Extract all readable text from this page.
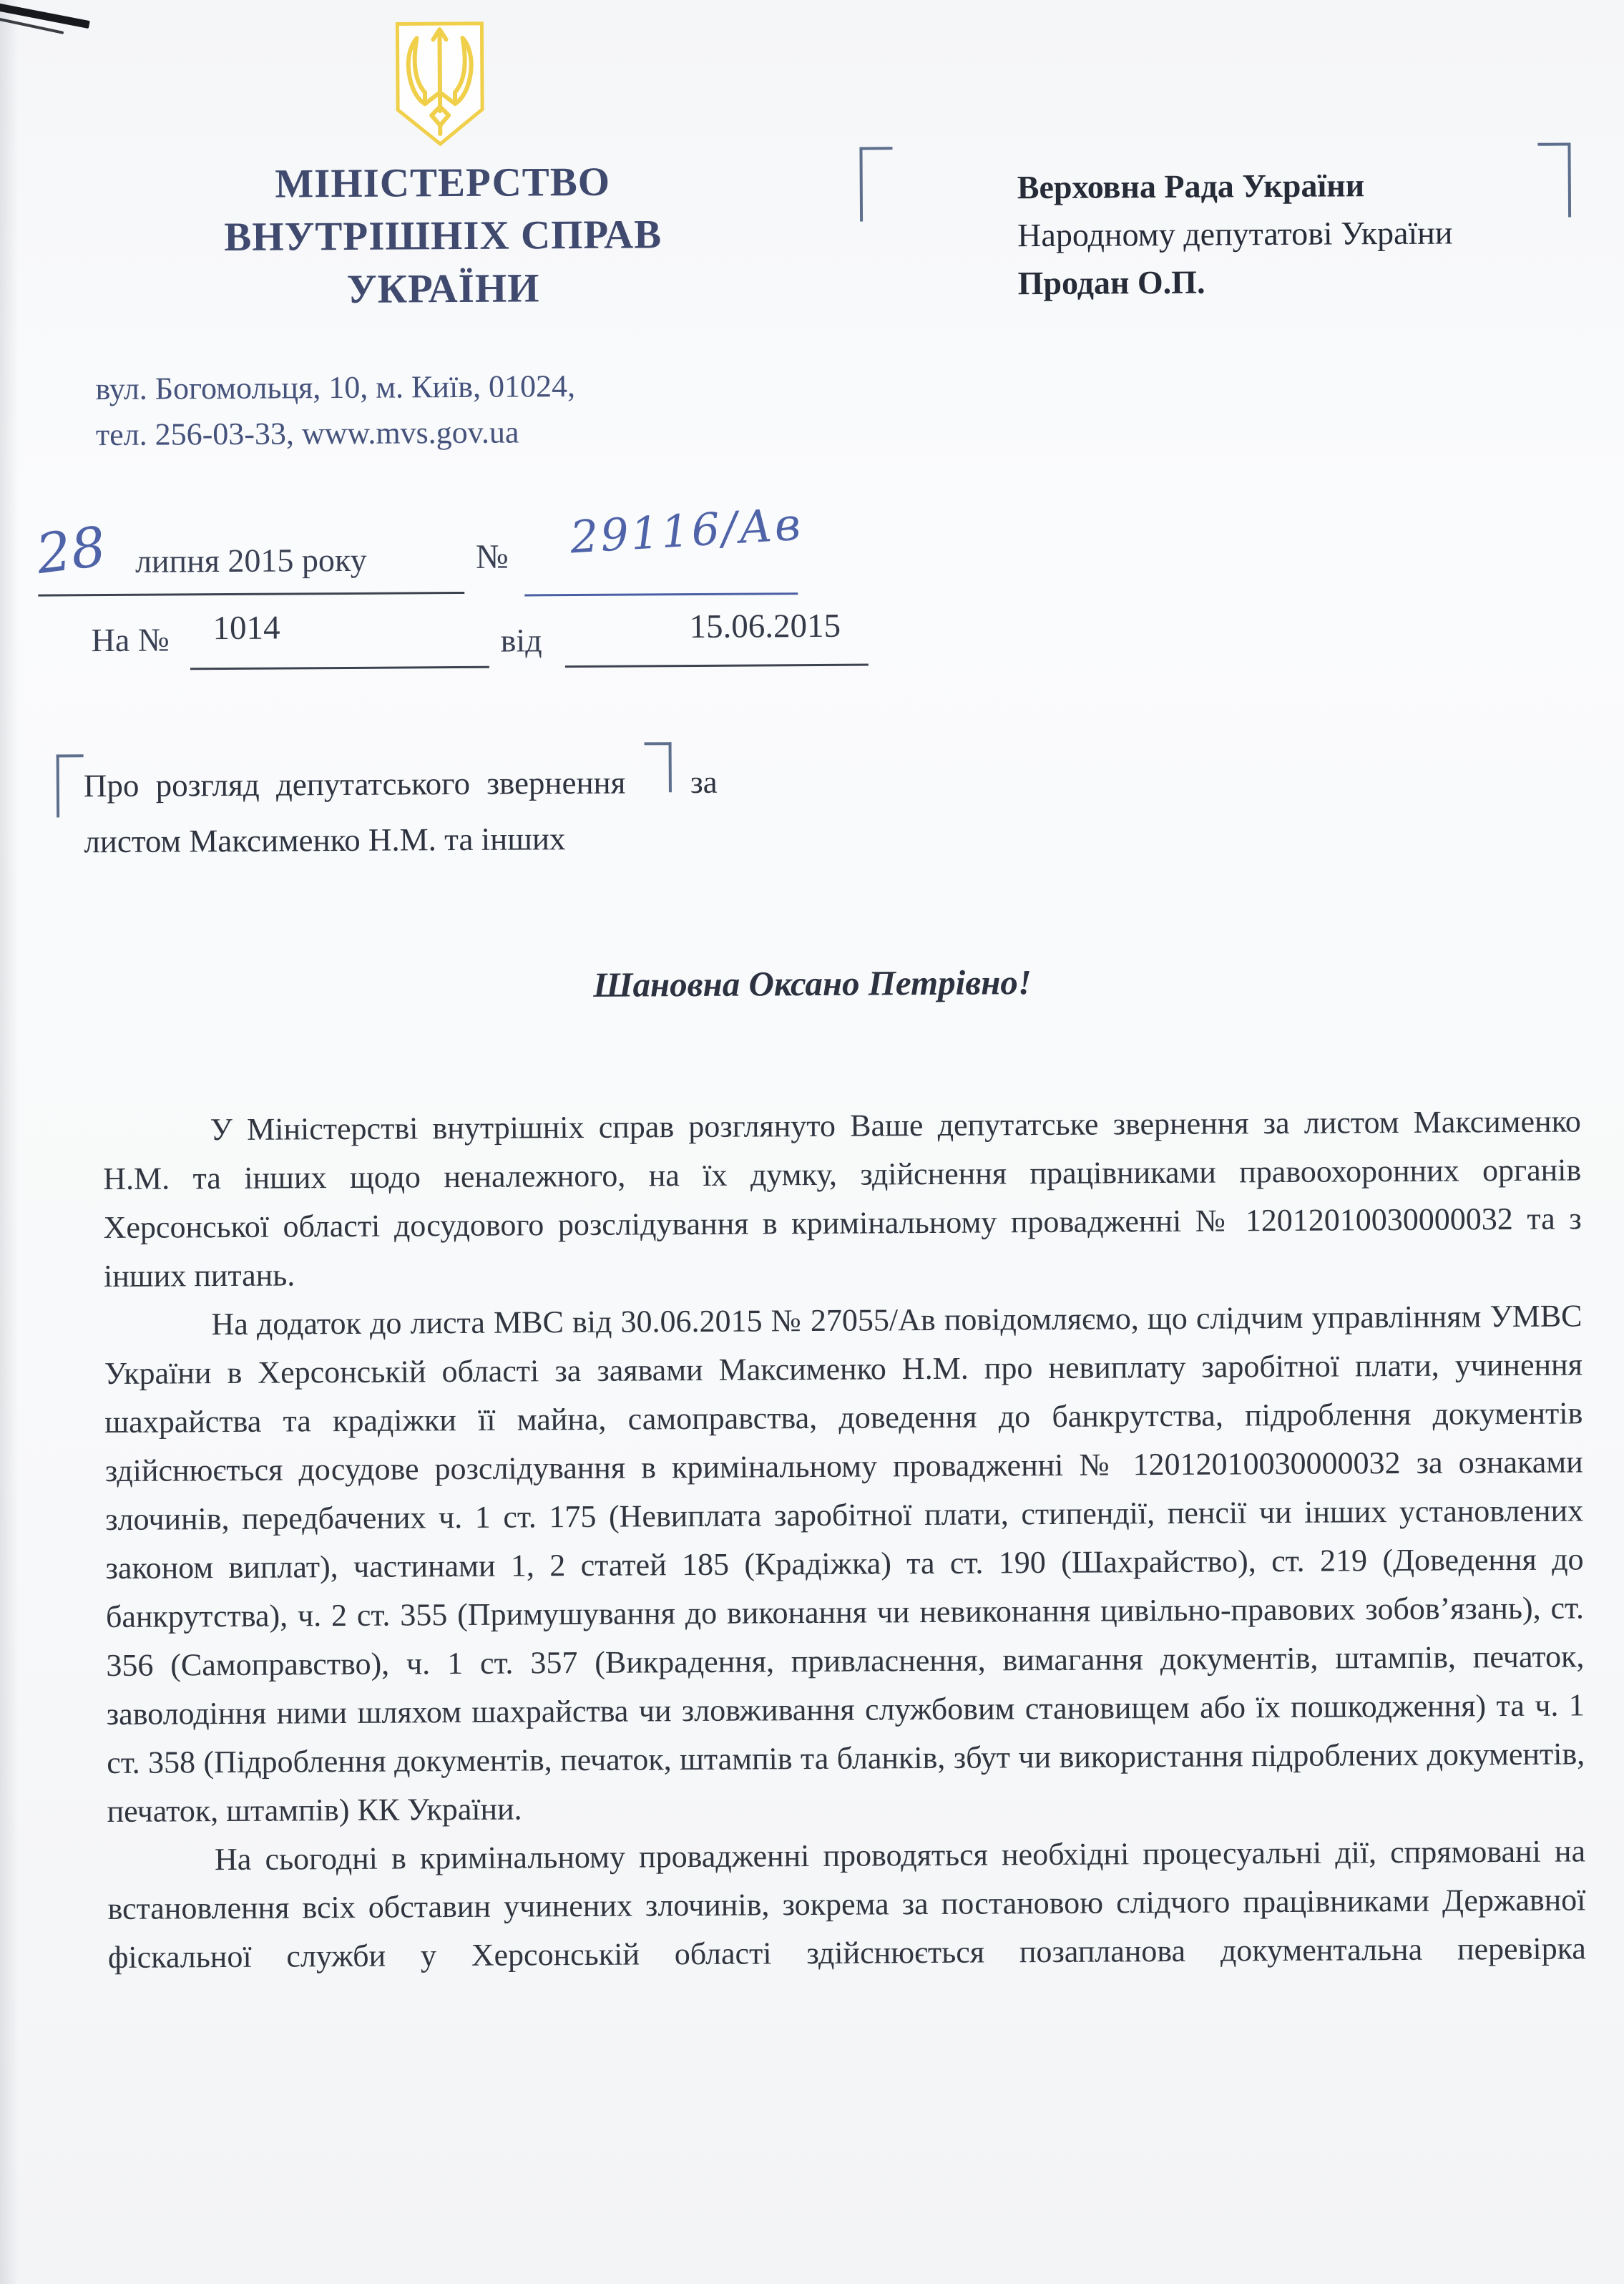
МІНІСТЕРСТВО
ВНУТРІШНІХ СПРАВ
УКРАЇНИ
вул. Богомольця, 10, м. Київ, 01024,
тел. 256-03-33, www.mvs.gov.ua
Верховна Рада України
Народному депутатові України
Продан О.П.
28 липня 2015 року	№ 29116/Ав
На № 1014	від	15.06.2015
Про розгляд депутатського звернення за
листом Максименко Н.М. та інших
Шановна Оксано Петрівно!

У Міністерстві внутрішніх справ розглянуто Ваше депутатське звернення за листом Максименко Н.М. та інших щодо неналежного, на їх думку, здійснення працівниками правоохоронних органів Херсонської області досудового розслідування в кримінальному провадженні № 12012010030000032 та з інших питань.

На додаток до листа МВС від 30.06.2015 № 27055/Ав повідомляємо, що слідчим управлінням УМВС України в Херсонській області за заявами Максименко Н.М. про невиплату заробітної плати, учинення шахрайства та крадіжки її майна, самоправства, доведення до банкрутства, підроблення документів здійснюється досудове розслідування в кримінальному провадженні № 12012010030000032 за ознаками злочинів, передбачених ч. 1 ст. 175 (Невиплата заробітної плати, стипендії, пенсії чи інших установлених законом виплат), частинами 1, 2 статей 185 (Крадіжка) та ст. 190 (Шахрайство), ст. 219 (Доведення до банкрутства), ч. 2 ст. 355 (Примушування до виконання чи невиконання цивільно-правових зобов’язань), ст. 356 (Самоправство), ч. 1 ст. 357 (Викрадення, привласнення, вимагання документів, штампів, печаток, заволодіння ними шляхом шахрайства чи зловживання службовим становищем або їх пошкодження) та ч. 1 ст. 358 (Підроблення документів, печаток, штампів та бланків, збут чи використання підроблених документів, печаток, штампів) КК України.

На сьогодні в кримінальному провадженні проводяться необхідні процесуальні дії, спрямовані на встановлення всіх обставин учинених злочинів, зокрема за постановою слідчого працівниками Державної фіскальної служби у Херсонській області здійснюється позапланова документальна перевірка
